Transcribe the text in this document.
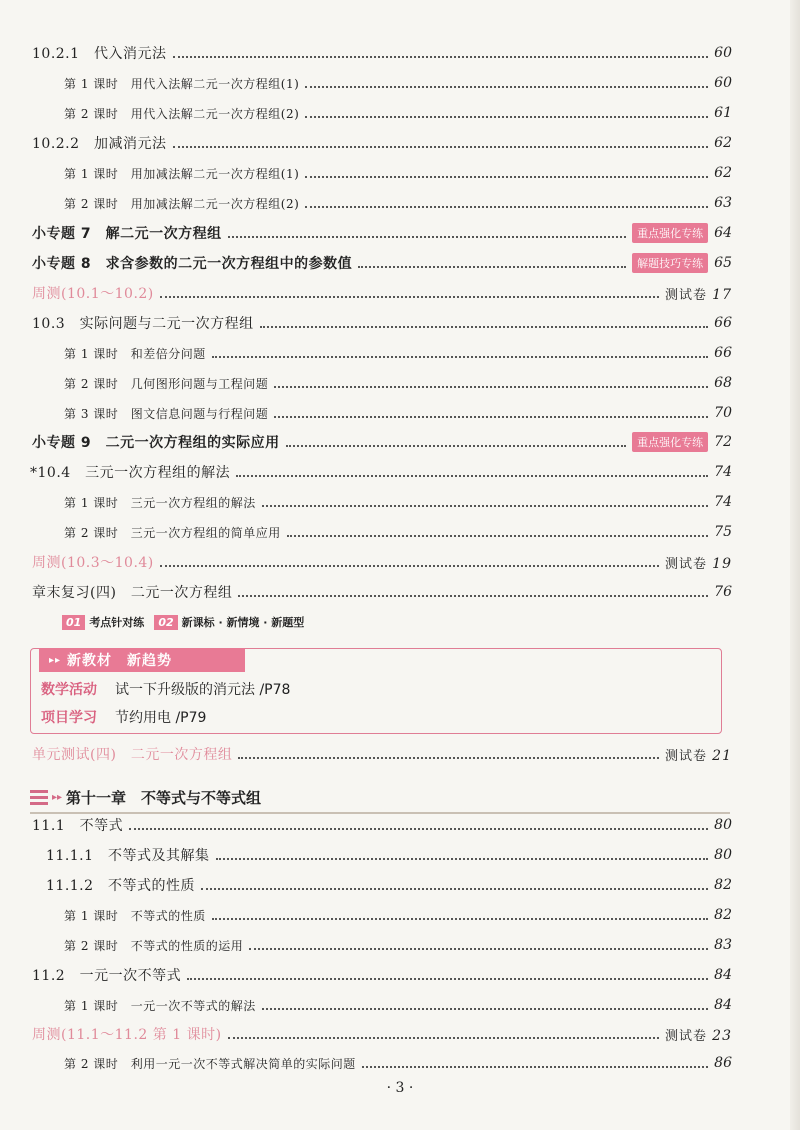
10.2.1　代入消元法	60
第 1 课时　用代入法解二元一次方程组(1)	60
第 2 课时　用代入法解二元一次方程组(2)	61
10.2.2　加减消元法	62
第 1 课时　用加减法解二元一次方程组(1)	62
第 2 课时　用加减法解二元一次方程组(2)	63
小专题 7　解二元一次方程组	重点强化专练 64
小专题 8　求含参数的二元一次方程组中的参数值	解题技巧专练 65
周测(10.1～10.2)	测试卷 17
10.3　实际问题与二元一次方程组	66
第 1 课时　和差倍分问题	66
第 2 课时　几何图形问题与工程问题	68
第 3 课时　图文信息问题与行程问题	70
小专题 9　二元一次方程组的实际应用	重点强化专练 72
*10.4　三元一次方程组的解法	74
第 1 课时　三元一次方程组的解法	74
第 2 课时　三元一次方程组的简单应用	75
周测(10.3～10.4)	测试卷 19
章末复习(四)　二元一次方程组	76
01 考点针对练	02 新课标 · 新情境 · 新题型
▸▸ 新教材　新趋势
数学活动 试一下升级版的消元法 /P78
项目学习 节约用电 /P79
单元测试(四)　二元一次方程组	测试卷 21
▸▸ 第十一章　不等式与不等式组
11.1　不等式	80
11.1.1　不等式及其解集	80
11.1.2　不等式的性质	82
第 1 课时　不等式的性质	82
第 2 课时　不等式的性质的运用	83
11.2　一元一次不等式	84
第 1 课时　一元一次不等式的解法	84
周测(11.1～11.2 第 1 课时)	测试卷 23
第 2 课时　利用一元一次不等式解决简单的实际问题	86
· 3 ·
